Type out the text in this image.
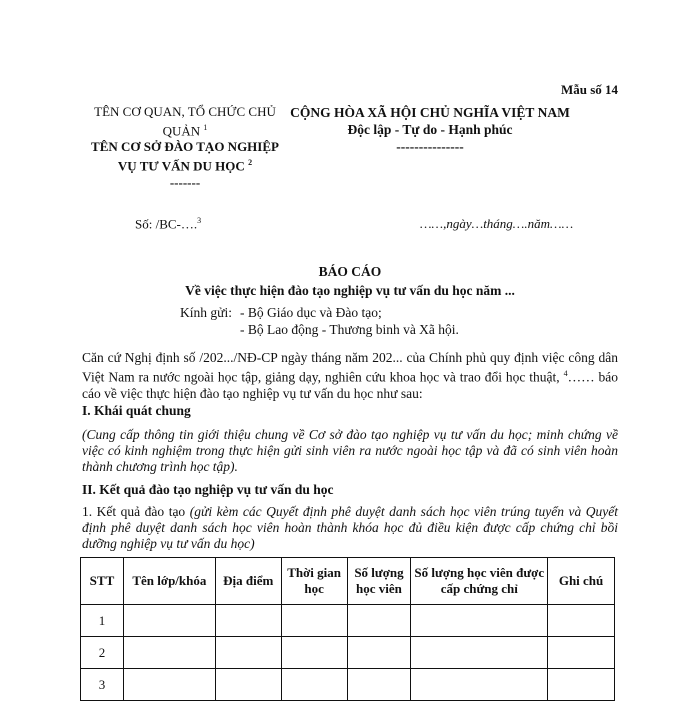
Mẫu số 14
TÊN CƠ QUAN, TỔ CHỨC CHỦ QUẢN $^1$
TÊN CƠ SỞ ĐÀO TẠO NGHIỆP VỤ TƯ VẤN DU HỌC $^2$
-------
CỘNG HÒA XÃ HỘI CHỦ NGHĨA VIỆT NAM
Độc lập - Tự do - Hạnh phúc
---------------
Số: /BC-….$^3$	……,ngày…tháng….năm……
BÁO CÁO
Về việc thực hiện đào tạo nghiệp vụ tư vấn du học năm ...
Kính gửi: - Bộ Giáo dục và Đào tạo;
- Bộ Lao động - Thương binh và Xã hội.
Căn cứ Nghị định số /202.../NĐ-CP ngày tháng năm 202... của Chính phủ quy định việc công dân Việt Nam ra nước ngoài học tập, giảng dạy, nghiên cứu khoa học và trao đổi học thuật, $^4$…… báo cáo về việc thực hiện đào tạo nghiệp vụ tư vấn du học như sau:
I. Khái quát chung
(Cung cấp thông tin giới thiệu chung về Cơ sở đào tạo nghiệp vụ tư vấn du học; minh chứng về việc có kinh nghiệm trong thực hiện gửi sinh viên ra nước ngoài học tập và đã có sinh viên hoàn thành chương trình học tập).
II. Kết quả đào tạo nghiệp vụ tư vấn du học
1. Kết quả đào tạo (gửi kèm các Quyết định phê duyệt danh sách học viên trúng tuyển và Quyết định phê duyệt danh sách học viên hoàn thành khóa học đủ điều kiện được cấp chứng chỉ bồi dưỡng nghiệp vụ tư vấn du học)
STT	Tên lớp/khóa	Địa điểm	Thời gian học	Số lượng học viên	Số lượng học viên được cấp chứng chỉ	Ghi chú
1						
2						
3						
